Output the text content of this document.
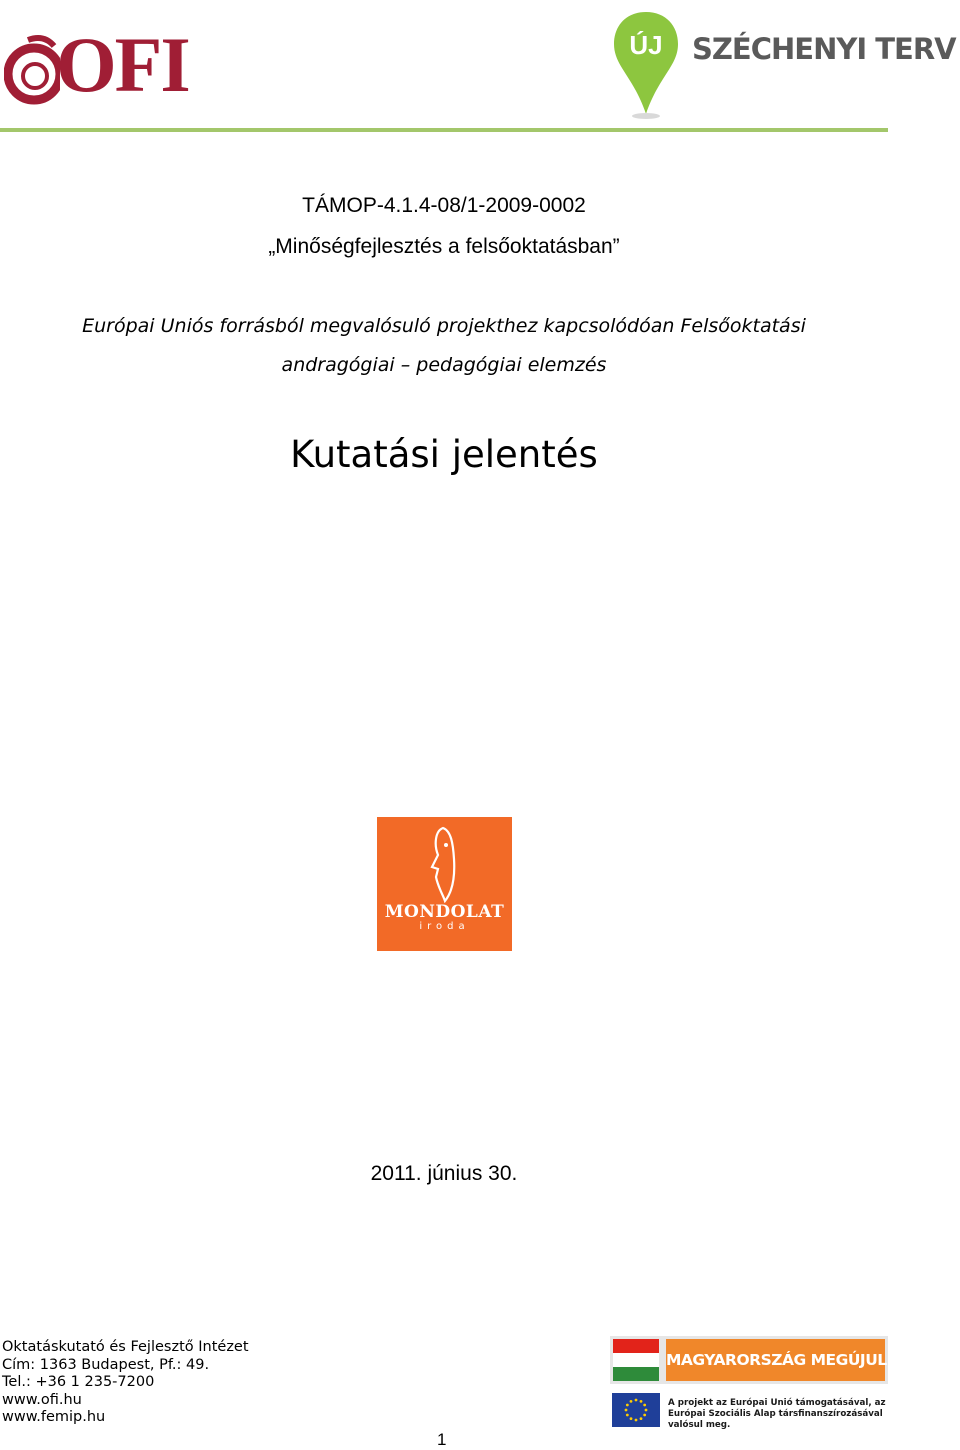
OFI	ÚJ SZÉCHENYI TERV
TÁMOP-4.1.4-08/1-2009-0002
„Minőségfejlesztés a felsőoktatásban”
Európai Uniós forrásból megvalósuló projekthez kapcsolódóan Felsőoktatási
andragógiai – pedagógiai elemzés
Kutatási jelentés
MONDOLAT
iroda
2011. június 30.
Oktatáskutató és Fejlesztő Intézet
Cím: 1363 Budapest, Pf.: 49.
Tel.: +36 1 235-7200
www.ofi.hu
www.femip.hu
1
MAGYARORSZÁG MEGÚJUL
A projekt az Európai Unió támogatásával, az Európai Szociális Alap társfinanszírozásával valósul meg.
